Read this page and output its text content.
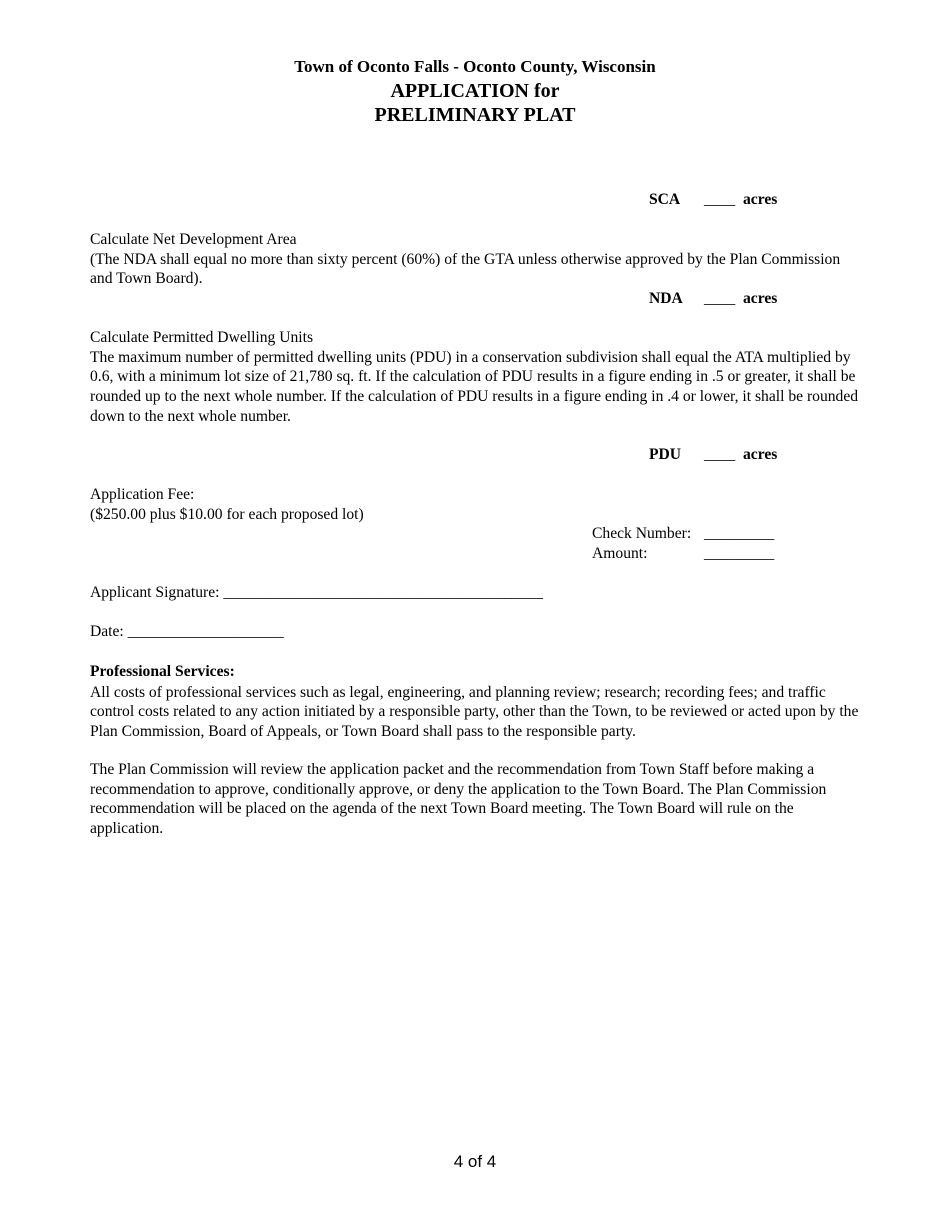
Town of Oconto Falls - Oconto County, Wisconsin
APPLICATION for
PRELIMINARY PLAT
SCA ____ acres

Calculate Net Development Area

(The NDA shall equal no more than sixty percent (60%) of the GTA unless otherwise approved by the Plan Commission and Town Board).

NDA ____ acres

Calculate Permitted Dwelling Units

The maximum number of permitted dwelling units (PDU) in a conservation subdivision shall equal the ATA multiplied by 0.6, with a minimum lot size of 21,780 sq. ft. If the calculation of PDU results in a figure ending in .5 or greater, it shall be rounded up to the next whole number. If the calculation of PDU results in a figure ending in .4 or lower, it shall be rounded down to the next whole number.

PDU ____ acres

Application Fee:

($250.00 plus $10.00 for each proposed lot)

Check Number: _________
Amount:	_________
Applicant Signature: _________________________________________
Date: ____________________

Professional Services:

All costs of professional services such as legal, engineering, and planning review; research; recording fees; and traffic control costs related to any action initiated by a responsible party, other than the Town, to be reviewed or acted upon by the Plan Commission, Board of Appeals, or Town Board shall pass to the responsible party.

The Plan Commission will review the application packet and the recommendation from Town Staff before making a recommendation to approve, conditionally approve, or deny the application to the Town Board. The Plan Commission recommendation will be placed on the agenda of the next Town Board meeting. The Town Board will rule on the application.

4 of 4
